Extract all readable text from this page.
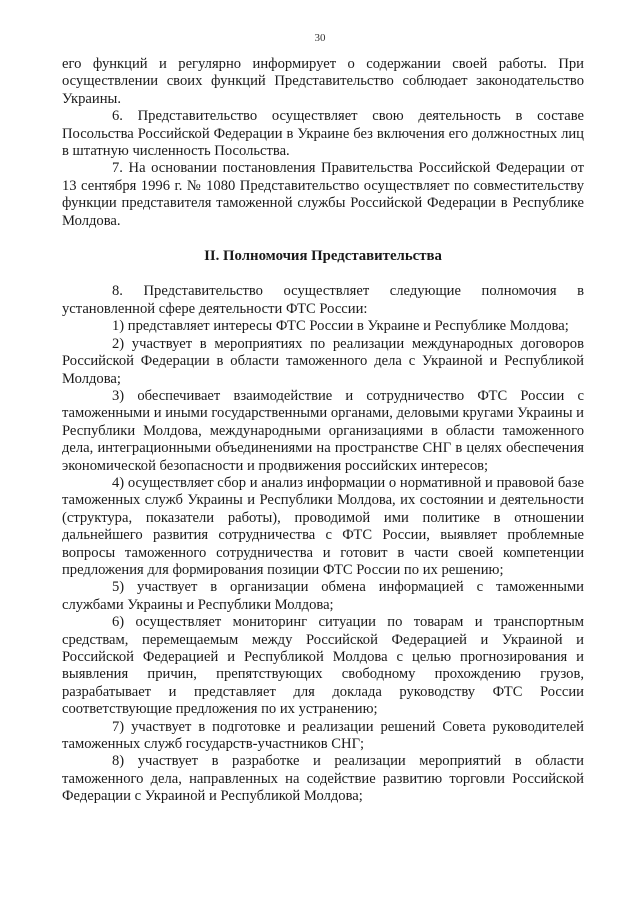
30

его функций и регулярно информирует о содержании своей работы. При осуществлении своих функций Представительство соблюдает законодательство Украины.

6. Представительство осуществляет свою деятельность в составе Посольства Российской Федерации в Украине без включения его должностных лиц в штатную численность Посольства.

7. На основании постановления Правительства Российской Федерации от 13 сентября 1996 г. № 1080 Представительство осуществляет по совместительству функции представителя таможенной службы Российской Федерации в Республике Молдова.

II. Полномочия Представительства

8. Представительство осуществляет следующие полномочия в установленной сфере деятельности ФТС России:

1) представляет интересы ФТС России в Украине и Республике Молдова;

2) участвует в мероприятиях по реализации международных договоров Российской Федерации в области таможенного дела с Украиной и Республикой Молдова;

3) обеспечивает взаимодействие и сотрудничество ФТС России с таможенными и иными государственными органами, деловыми кругами Украины и Республики Молдова, международными организациями в области таможенного дела, интеграционными объединениями на пространстве СНГ в целях обеспечения экономической безопасности и продвижения российских интересов;

4) осуществляет сбор и анализ информации о нормативной и правовой базе таможенных служб Украины и Республики Молдова, их состоянии и деятельности (структура, показатели работы), проводимой ими политике в отношении дальнейшего развития сотрудничества с ФТС России, выявляет проблемные вопросы таможенного сотрудничества и готовит в части своей компетенции предложения для формирования позиции ФТС России по их решению;

5) участвует в организации обмена информацией с таможенными службами Украины и Республики Молдова;

6) осуществляет мониторинг ситуации по товарам и транспортным средствам, перемещаемым между Российской Федерацией и Украиной и Российской Федерацией и Республикой Молдова с целью прогнозирования и выявления причин, препятствующих свободному прохождению грузов, разрабатывает и представляет для доклада руководству ФТС России соответствующие предложения по их устранению;

7) участвует в подготовке и реализации решений Совета руководителей таможенных служб государств-участников СНГ;

8) участвует в разработке и реализации мероприятий в области таможенного дела, направленных на содействие развитию торговли Российской Федерации с Украиной и Республикой Молдова;
